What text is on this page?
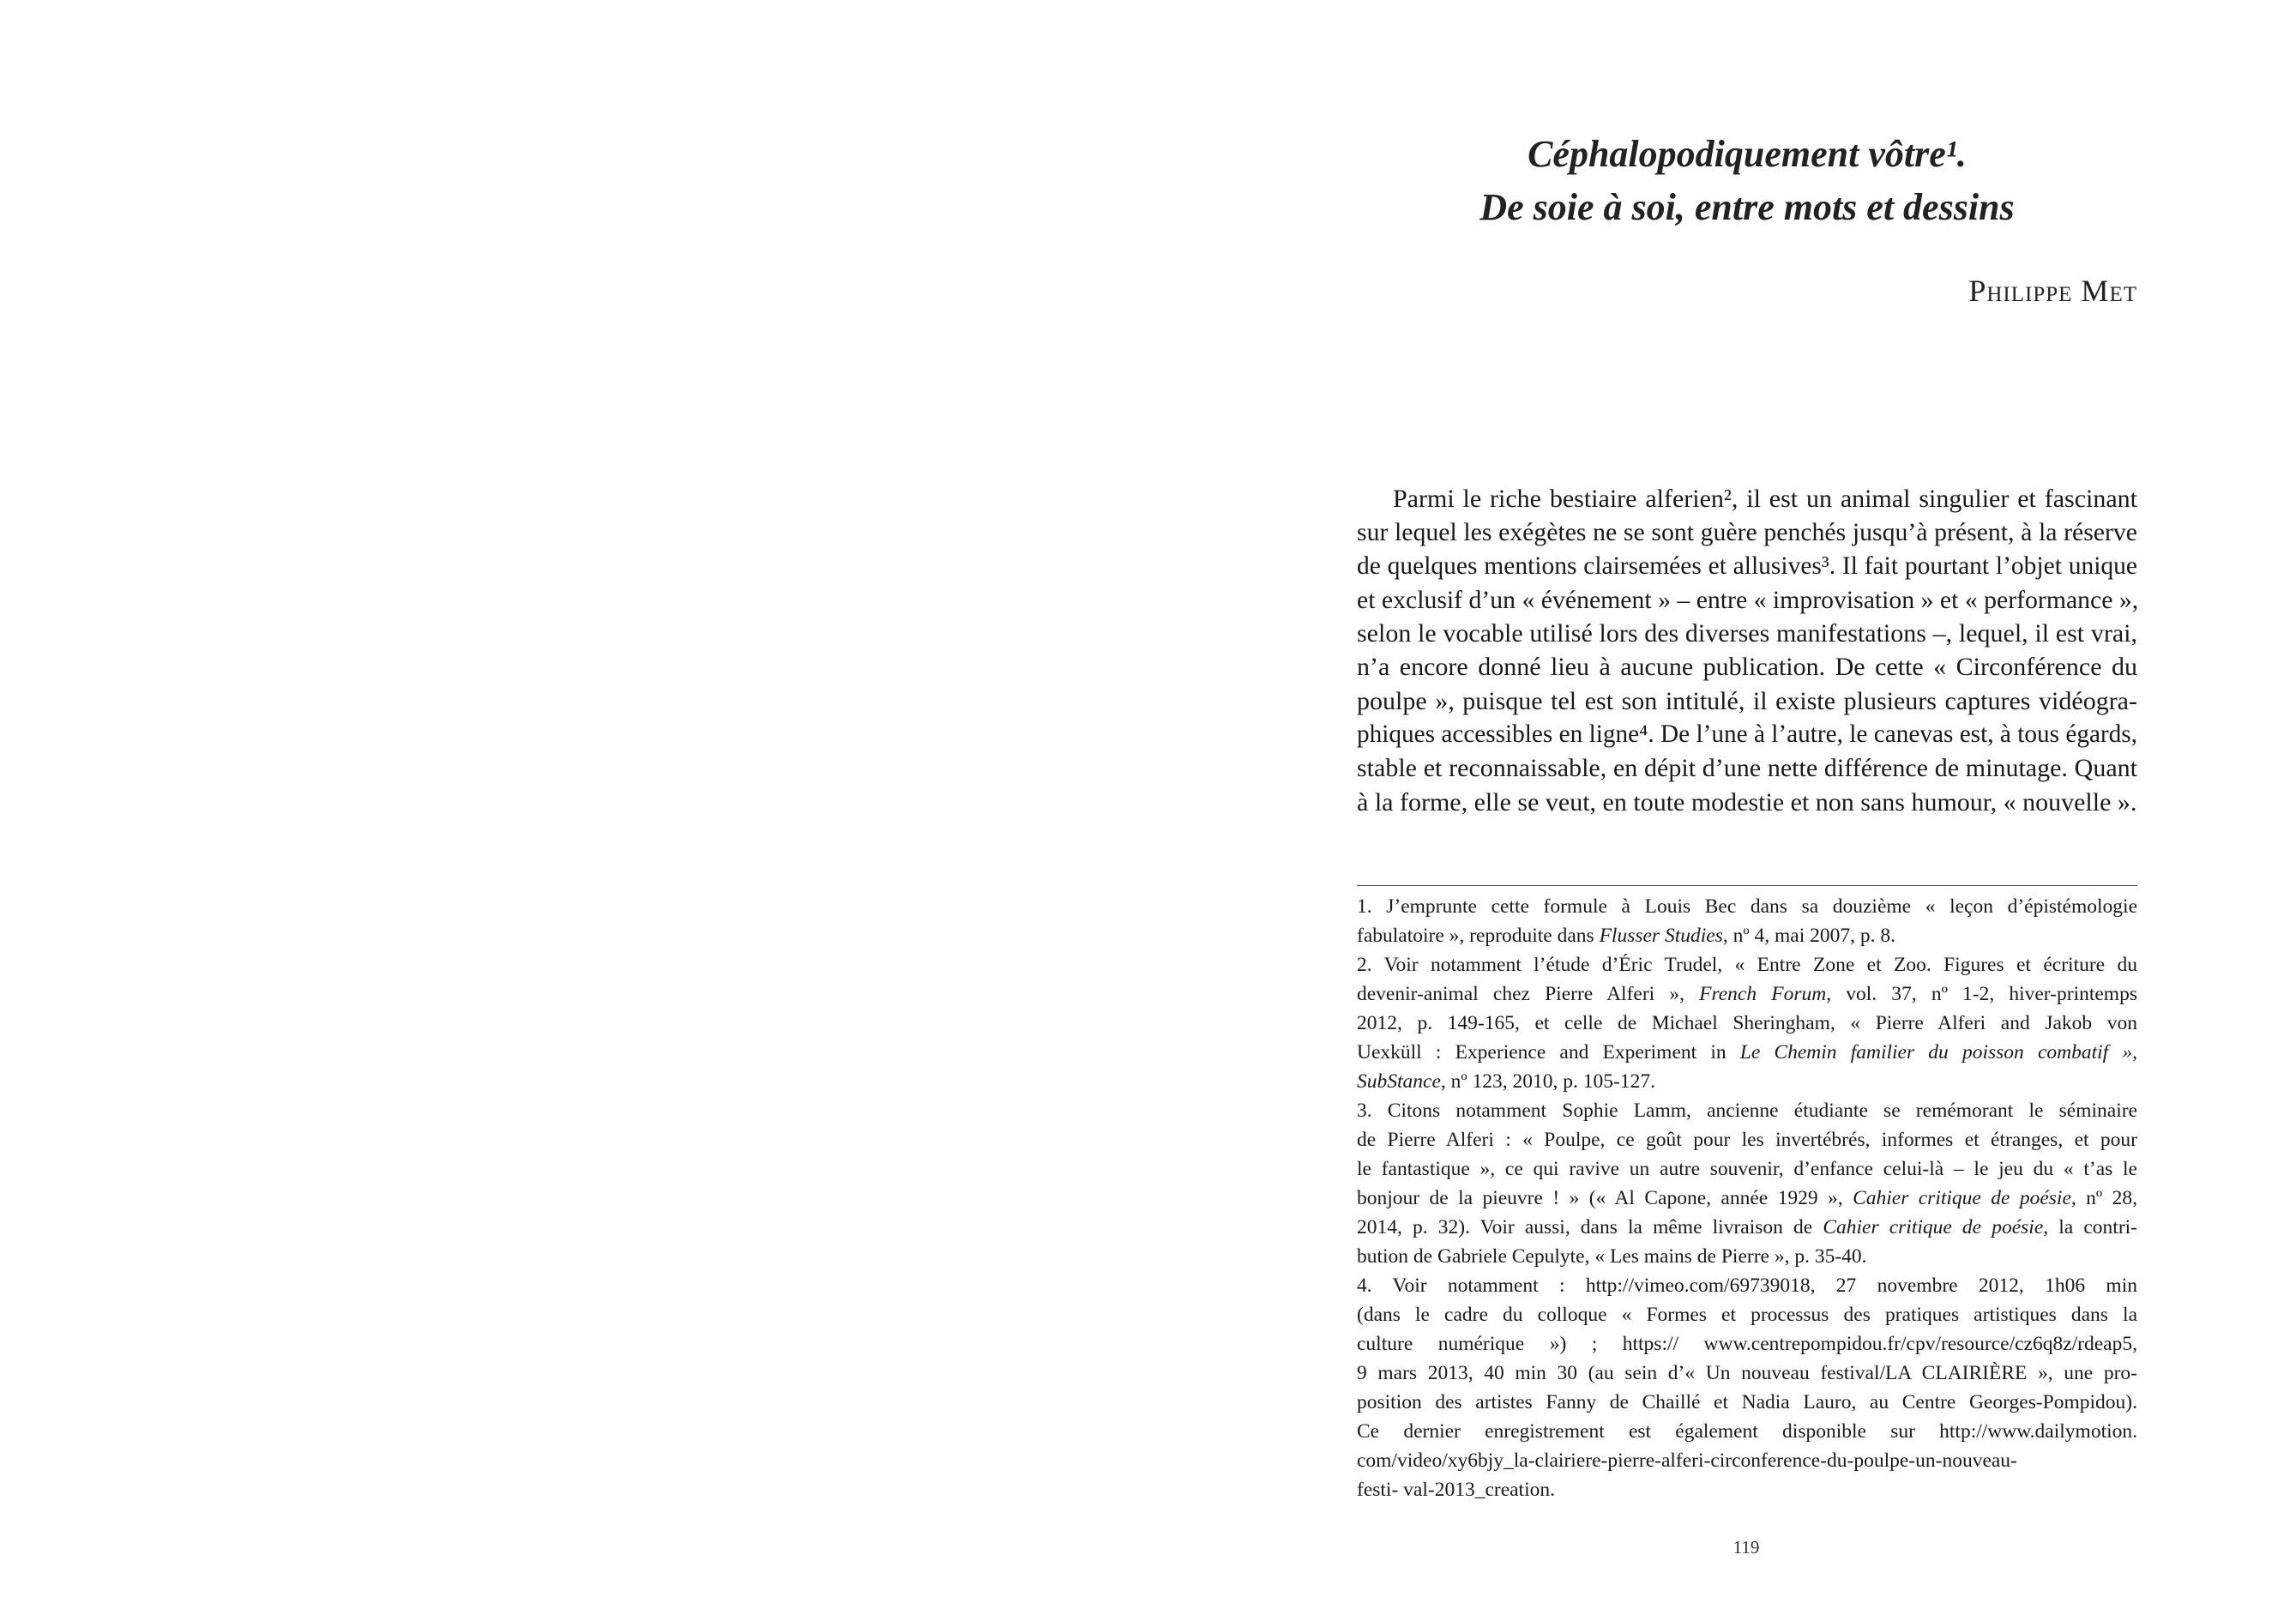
Céphalopodiquement vôtre¹.
De soie à soi, entre mots et dessins
Philippe Met
Parmi le riche bestiaire alferien², il est un animal singulier et fascinant
sur lequel les exégètes ne se sont guère penchés jusqu’à présent, à la réserve
de quelques mentions clairsemées et allusives³. Il fait pourtant l’objet unique
et exclusif d’un « événement » – entre « improvisation » et « performance »,
selon le vocable utilisé lors des diverses manifestations –, lequel, il est vrai,
n’a encore donné lieu à aucune publication. De cette « Circonférence du
poulpe », puisque tel est son intitulé, il existe plusieurs captures vidéogra-
phiques accessibles en ligne⁴. De l’une à l’autre, le canevas est, à tous égards,
stable et reconnaissable, en dépit d’une nette différence de minutage. Quant
à la forme, elle se veut, en toute modestie et non sans humour, « nouvelle ».
1. J’emprunte cette formule à Louis Bec dans sa douzième « leçon d’épistémologie
fabulatoire », reproduite dans Flusser Studies, nº 4, mai 2007, p. 8.
2. Voir notamment l’étude d’Éric Trudel, « Entre Zone et Zoo. Figures et écriture du
devenir-animal chez Pierre Alferi », French Forum, vol. 37, nº 1-2, hiver-printemps
2012, p. 149-165, et celle de Michael Sheringham, « Pierre Alferi and Jakob von
Uexküll : Experience and Experiment in Le Chemin familier du poisson combatif »,
SubStance, nº 123, 2010, p. 105-127.
3. Citons notamment Sophie Lamm, ancienne étudiante se remémorant le séminaire
de Pierre Alferi : « Poulpe, ce goût pour les invertébrés, informes et étranges, et pour
le fantastique », ce qui ravive un autre souvenir, d’enfance celui-là – le jeu du « t’as le
bonjour de la pieuvre ! » (« Al Capone, année 1929 », Cahier critique de poésie, nº 28,
2014, p. 32). Voir aussi, dans la même livraison de Cahier critique de poésie, la contri-
bution de Gabriele Cepulyte, « Les mains de Pierre », p. 35-40.
4. Voir notamment : http://vimeo.com/69739018, 27 novembre 2012, 1h06 min
(dans le cadre du colloque « Formes et processus des pratiques artistiques dans la
culture numérique ») ; https:// www.centrepompidou.fr/cpv/resource/cz6q8z/rdeap5,
9 mars 2013, 40 min 30 (au sein d’« Un nouveau festival/LA CLAIRIÈRE », une pro-
position des artistes Fanny de Chaillé et Nadia Lauro, au Centre Georges-Pompidou).
Ce dernier enregistrement est également disponible sur http://www.dailymotion.
com/video/xy6bjy_la-clairiere-pierre-alferi-circonference-du-poulpe-un-nouveau-
festi- val-2013_creation.
119
